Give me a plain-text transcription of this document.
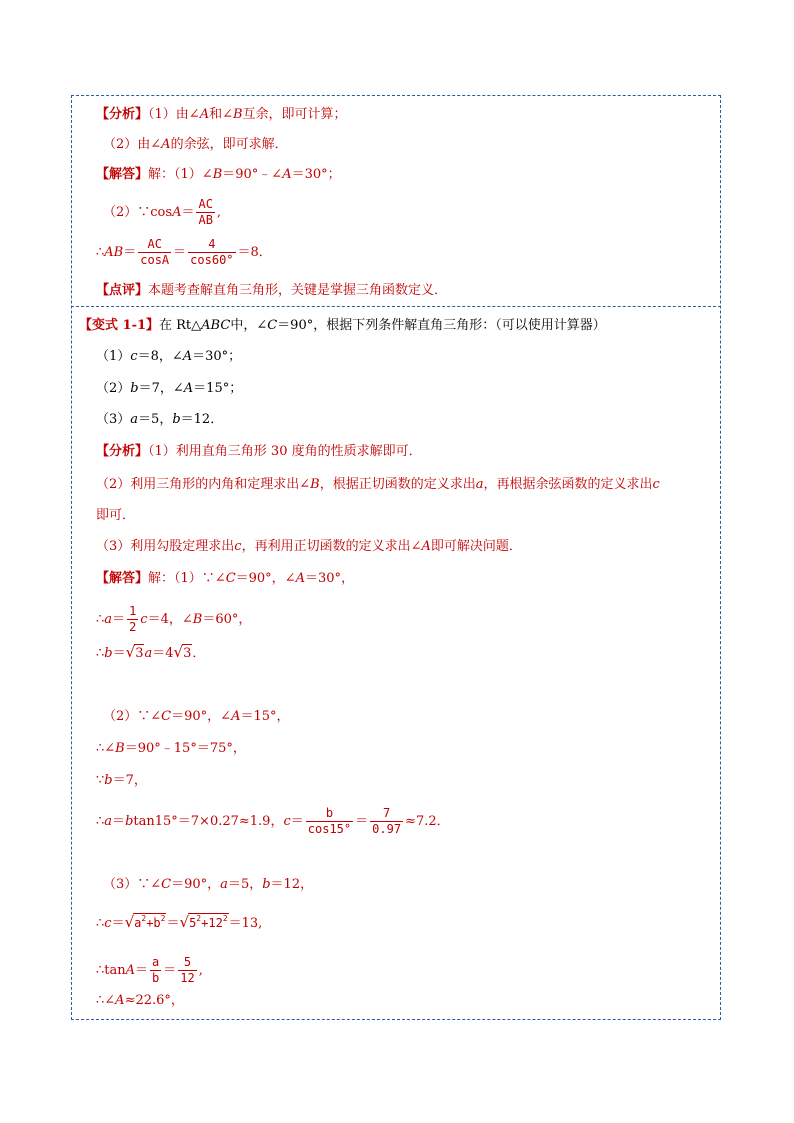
【分析】（1）由∠A和∠B互余，即可计算；
（2）由∠A的余弦，即可求解．
【解答】解：（1）∠B＝90°﹣∠A＝30°；
（2）∵cosA＝ $\frac{AC}{AB}$ ,
∴AB＝ $\frac{AC}{\cos A} = \frac{4}{\cos 60^\circ} =8$．
【点评】本题考查解直角三角形，关键是掌握三角函数定义．
【变式 1-1】在 Rt△ABC中，∠C＝90°，根据下列条件解直角三角形：（可以使用计算器）
（1）c＝8，∠A＝30°；
（2）b＝7，∠A＝15°；
（3）a＝5，b＝12．
【分析】（1）利用直角三角形 30 度角的性质求解即可．
（2）利用三角形的内角和定理求出∠B，根据正切函数的定义求出a，再根据余弦函数的定义求出c
即可．
（3）利用勾股定理求出c，再利用正切函数的定义求出∠A即可解决问题．
【解答】解：（1）∵∠C＝90°，∠A＝30°，
∴a＝ $\frac{1}{2} c=4$，∠B＝60°，
∴b＝√3a＝4√3．
（2）∵∠C＝90°，∠A＝15°，
∴∠B＝90°﹣15°＝75°，
∵b＝7，
∴a＝btan15°＝7×0.27≈1.9，$c= \frac{b}{\cos 15^\circ} = \frac{7}{0.97} \approx 7.2$．
（3）∵∠C＝90°，a＝5，b＝12，
$\therefore c=√a^2+b^2=√5^2+12^2=13$,
∴tanA＝ $\frac{a}{b} = \frac{5}{12}$ ,
∴∠A≈22.6°，
